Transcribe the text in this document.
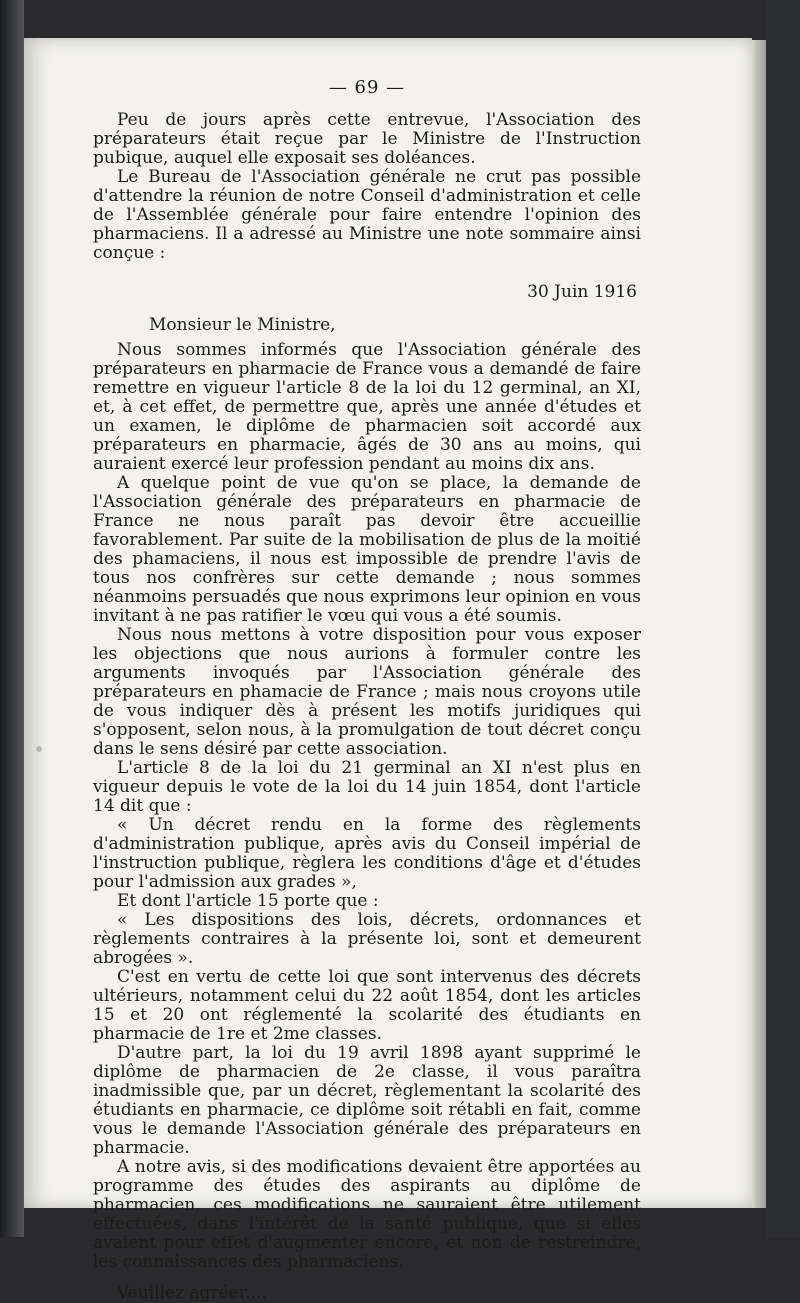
— 69 —

Peu de jours après cette entrevue, l'Association des préparateurs était reçue par le Ministre de l'Instruction pubique, auquel elle exposait ses doléances.

Le Bureau de l'Association générale ne crut pas possible d'attendre la réunion de notre Conseil d'administration et celle de l'Assemblée générale pour faire entendre l'opinion des pharmaciens. Il a adressé au Ministre une note sommaire ainsi conçue :

30 Juin 1916

Monsieur le Ministre,

Nous sommes informés que l'Association générale des préparateurs en pharmacie de France vous a demandé de faire remettre en vigueur l'article 8 de la loi du 12 germinal, an XI, et, à cet effet, de permettre que, après une année d'études et un examen, le diplôme de pharmacien soit accordé aux préparateurs en pharmacie, âgés de 30 ans au moins, qui auraient exercé leur profession pendant au moins dix ans.

A quelque point de vue qu'on se place, la demande de l'Association générale des préparateurs en pharmacie de France ne nous paraît pas devoir être accueillie favorablement. Par suite de la mobilisation de plus de la moitié des phamaciens, il nous est impossible de prendre l'avis de tous nos confrères sur cette demande ; nous sommes néanmoins persuadés que nous exprimons leur opinion en vous invitant à ne pas ratifier le vœu qui vous a été soumis.

Nous nous mettons à votre disposition pour vous exposer les objections que nous aurions à formuler contre les arguments invoqués par l'Association générale des préparateurs en phamacie de France ; mais nous croyons utile de vous indiquer dès à présent les motifs juridiques qui s'opposent, selon nous, à la promulgation de tout décret conçu dans le sens désiré par cette association.

L'article 8 de la loi du 21 germinal an XI n'est plus en vigueur depuis le vote de la loi du 14 juin 1854, dont l'article 14 dit que :

« Un décret rendu en la forme des règlements d'administration publique, après avis du Conseil impérial de l'instruction publique, règlera les conditions d'âge et d'études pour l'admission aux grades »,

Et dont l'article 15 porte que :

« Les dispositions des lois, décrets, ordonnances et règlements contraires à la présente loi, sont et demeurent abrogées ».

C'est en vertu de cette loi que sont intervenus des décrets ultérieurs, notamment celui du 22 août 1854, dont les articles 15 et 20 ont réglementé la scolarité des étudiants en pharmacie de 1re et 2me classes.

D'autre part, la loi du 19 avril 1898 ayant supprimé le diplôme de pharmacien de 2e classe, il vous paraîtra inadmissible que, par un décret, règlementant la scolarité des étudiants en pharmacie, ce diplôme soit rétabli en fait, comme vous le demande l'Association générale des préparateurs en pharmacie.

A notre avis, si des modifications devaient être apportées au programme des études des aspirants au diplôme de pharmacien, ces modifications ne sauraient être utilement effectuées, dans l'intérêt de la santé publique, que si elles avaient pour effet d'augmenter encore, et non de restreindre, les connaissances des pharmaciens.

Veuillez agréer....
